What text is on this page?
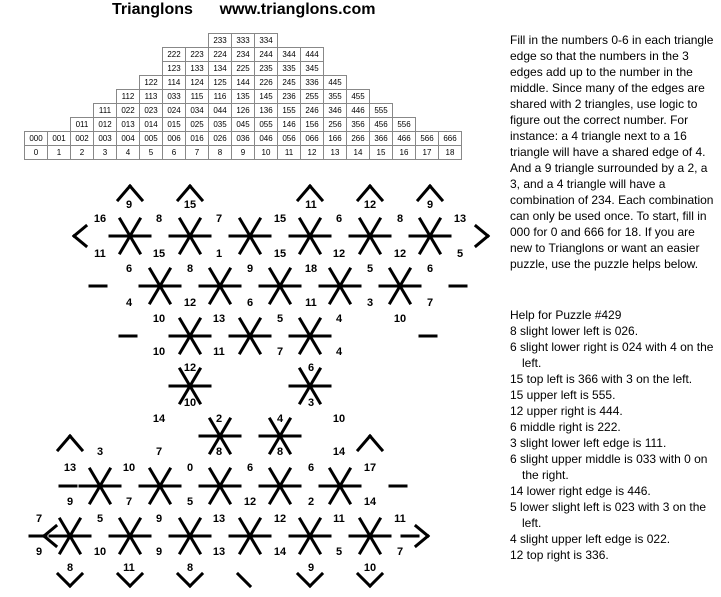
Trianglons www.trianglons.com
								233	333	334								
						222	223	224	234	244	344	444						
						123	133	134	225	235	335	345						
					122	114	124	125	144	226	245	336	445					
				112	113	033	115	116	135	145	236	255	355	455				
			111	022	023	024	034	044	126	136	155	246	346	446	555			
		011	012	013	014	015	025	035	045	055	146	156	256	356	456	556		
000	001	002	003	004	005	006	016	026	036	046	056	066	166	266	366	466	566	666
0	1	2	3	4	5	6	7	8	9	10	11	12	13	14	15	16	17	18
Fill in the numbers 0-6 in each triangle edge so that the numbers in the 3 edges add up to the number in the middle. Since many of the edges are shared with 2 triangles, use logic to figure out the correct number. For instance: a 4 triangle next to a 16 triangle will have a shared edge of 4. And a 9 triangle surrounded by a 2, a 3, and a 4 triangle will have a combination of 234. Each combination can only be used once. To start, fill in 000 for 0 and 666 for 18. If you are new to Trianglons or want an easier puzzle, use the puzzle helps below.
Help for Puzzle #429
8 slight lower left is 026.
6 slight lower right is 024 with 4 on the left.
15 top left is 366 with 3 on the left.
15 upper left is 555.
12 upper right is 444.
6 middle right is 222.
3 slight lower left edge is 111.
6 slight upper middle is 033 with 0 on the right.
14 lower right edge is 446.
5 lower slight left is 023 with 3 on the left.
4 slight upper left edge is 022.
12 top right is 336.
9	15	11	12	9
16	8	7	15	6	8	13
11	15	1	15	12	12	5
6	8	9	18	5	6
4	12	6	11	3	7
10	13	5	4	10
10	11	7	4
12	6
10	3
14	2	4	10
3	7	8	8	14
13	10	0	6	6	17
9	7	5	12	2	14
7	5	9	13	12	11	11
9	10	9	13	14	5	7
8	11	8	9	10
